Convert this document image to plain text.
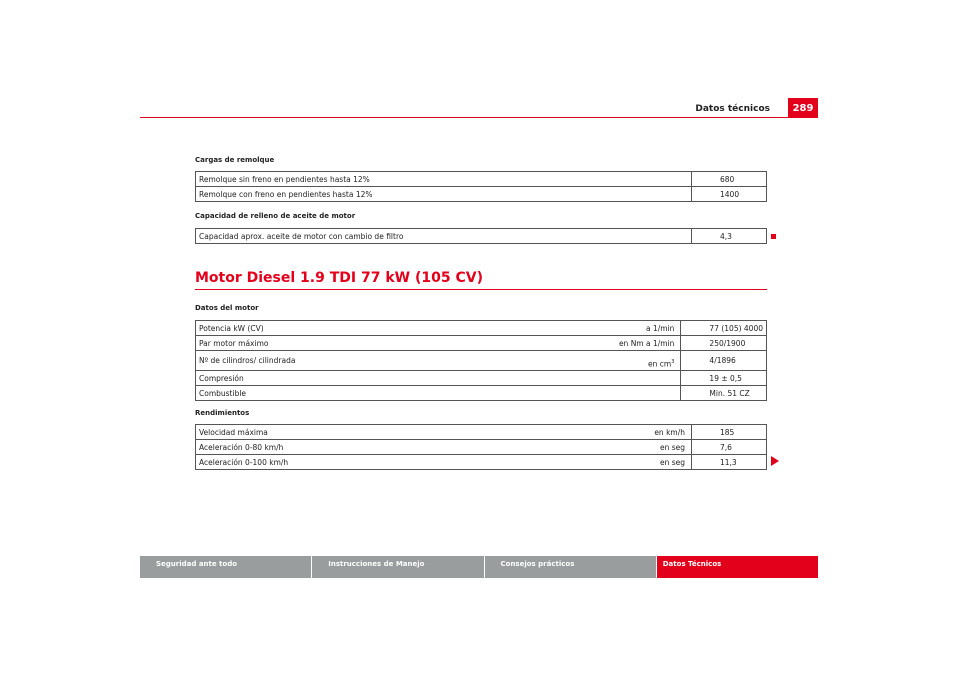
Datos técnicos	289
Cargas de remolque
Remolque sin freno en pendientes hasta 12%		680
Remolque con freno en pendientes hasta 12%		1400
Capacidad de relleno de aceite de motor
Capacidad aprox. aceite de motor con cambio de filtro		4,3
Motor Diesel 1.9 TDI 77 kW (105 CV)
Datos del motor
Potencia kW (CV)	a 1/min	77 (105) 4000
Par motor máximo	en Nm a 1/min	250/1900
Nº de cilindros/ cilindrada	en $cm^3$	4/1896
Compresión		19 ± 0,5
Combustible		Min. 51 CZ
Rendimientos
Velocidad máxima	en km/h	185
Aceleración 0-80 km/h	en seg	7,6
Aceleración 0-100 km/h	en seg	11,3
Seguridad ante todo	Instrucciones de Manejo	Consejos prácticos	Datos Técnicos
